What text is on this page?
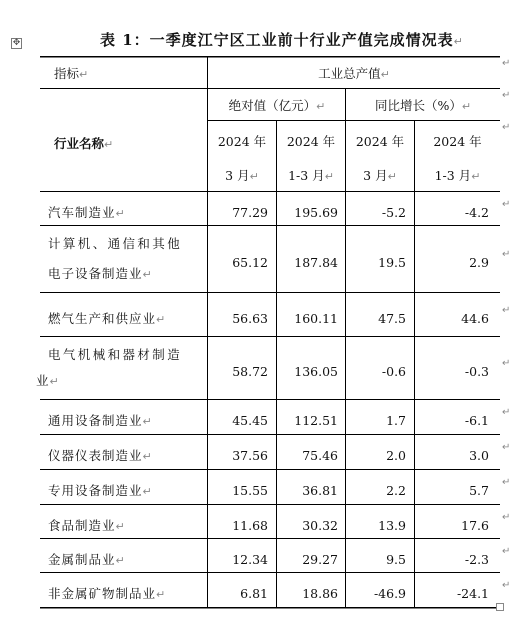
✥	表 1：一季度江宁区工业前十行业产值完成情况表↵
指标↵	工业总产值↵
绝对值（亿元）↵	同比增长（%）↵
行业名称↵	2024 年	2024 年	2024 年	2024 年
3 月↵	1-3 月↵	3 月↵	1-3 月↵
↵
↵
↵
汽车制造业↵	77.29 195.69	-5.2	-4.2
↵
计算机、通信和其他
电子设备制造业↵
65.12 187.84	19.5	2.9
↵
燃气生产和供应业↵	56.63 160.11	47.5	44.6
↵
电气机械和器材制造
业↵
58.72 136.05	-0.6	-0.3
↵
通用设备制造业↵	45.45 112.51	1.7	-6.1
↵
仪器仪表制造业↵	37.56	75.46	2.0	3.0
↵
专用设备制造业↵	15.55	36.81	2.2	5.7
↵
食品制造业↵	11.68	30.32	13.9	17.6
↵
金属制品业↵	12.34	29.27	9.5	-2.3
↵
非金属矿物制品业↵	6.81	18.86	-46.9	-24.1
↵
